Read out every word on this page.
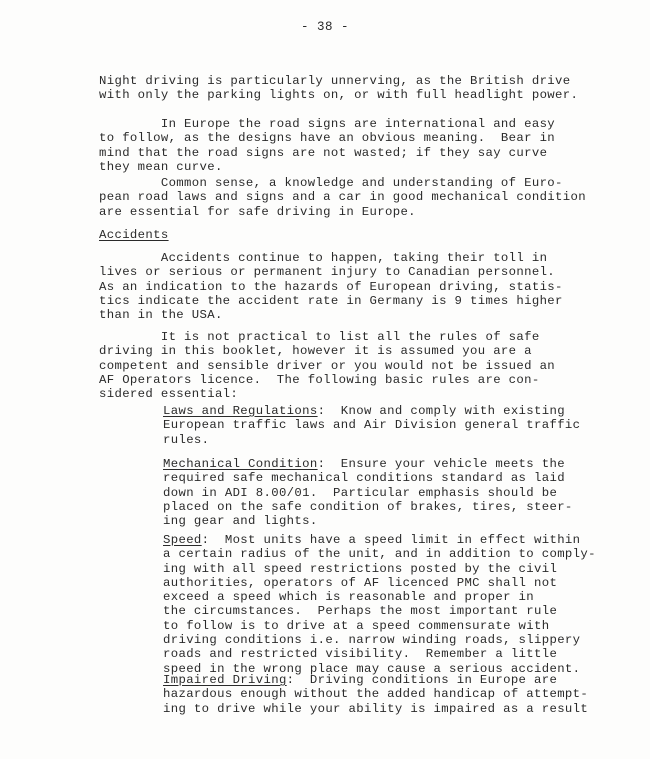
- 38 -
Night driving is particularly unnerving, as the British drive
with only the parking lights on, or with full headlight power.
In Europe the road signs are international and easy
to follow, as the designs have an obvious meaning.  Bear in
mind that the road signs are not wasted; if they say curve
they mean curve.
Common sense, a knowledge and understanding of Euro-
pean road laws and signs and a car in good mechanical condition
are essential for safe driving in Europe.
Accidents
Accidents continue to happen, taking their toll in
lives or serious or permanent injury to Canadian personnel.
As an indication to the hazards of European driving, statis-
tics indicate the accident rate in Germany is 9 times higher
than in the USA.
It is not practical to list all the rules of safe
driving in this booklet, however it is assumed you are a
competent and sensible driver or you would not be issued an
AF Operators licence.  The following basic rules are con-
sidered essential:
Laws and Regulations:  Know and comply with existing
European traffic laws and Air Division general traffic
rules.
Mechanical Condition:  Ensure your vehicle meets the
required safe mechanical conditions standard as laid
down in ADI 8.00/01.  Particular emphasis should be
placed on the safe condition of brakes, tires, steer-
ing gear and lights.
Speed:  Most units have a speed limit in effect within
a certain radius of the unit, and in addition to comply-
ing with all speed restrictions posted by the civil
authorities, operators of AF licenced PMC shall not
exceed a speed which is reasonable and proper in
the circumstances.  Perhaps the most important rule
to follow is to drive at a speed commensurate with
driving conditions i.e. narrow winding roads, slippery
roads and restricted visibility.  Remember a little
speed in the wrong place may cause a serious accident.
Impaired Driving:  Driving conditions in Europe are
hazardous enough without the added handicap of attempt-
ing to drive while your ability is impaired as a result
